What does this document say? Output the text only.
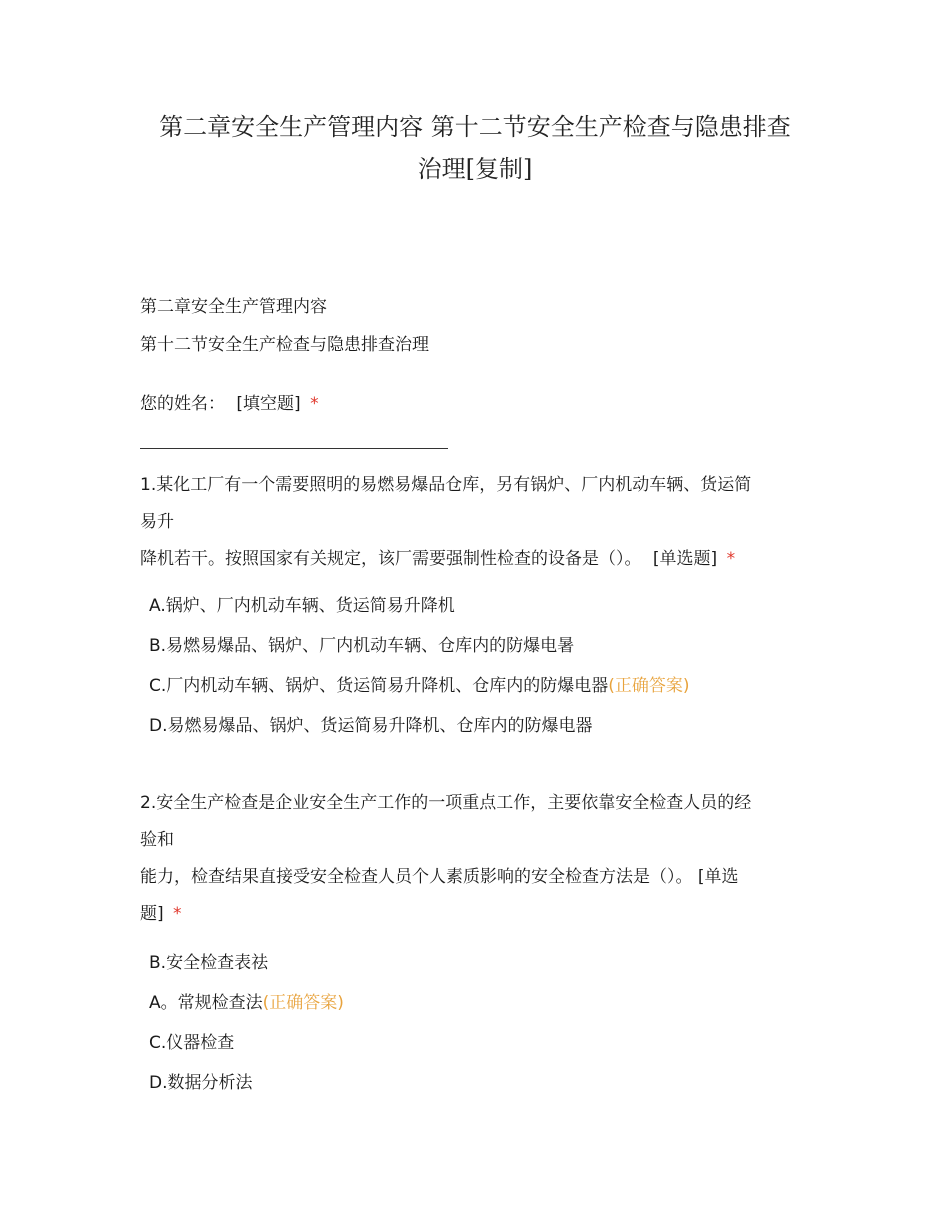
第二章安全生产管理内容 第十二节安全生产检查与隐患排查
治理[复制]
第二章安全生产管理内容
第十二节安全生产检查与隐患排查治理
您的姓名： [填空题] *
1.某化工厂有一个需要照明的易燃易爆品仓库，另有锅炉、厂内机动车辆、货运简
易升
降机若干。按照国家有关规定，该厂需要强制性检查的设备是（）。 [单选题] *
A.锅炉、厂内机动车辆、货运简易升降机
B.易燃易爆品、锅炉、厂内机动车辆、仓库内的防爆电暑
C.厂内机动车辆、锅炉、货运简易升降机、仓库内的防爆电器(正确答案)
D.易燃易爆品、锅炉、货运简易升降机、仓库内的防爆电器
2.安全生产检查是企业安全生产工作的一项重点工作，主要依靠安全检查人员的经
验和
能力，检查结果直接受安全检查人员个人素质影响的安全检查方法是（）。 [单选
题] *
B.安全检查表祛
A。常规检查法(正确答案)
C.仪器检查
D.数据分析法
